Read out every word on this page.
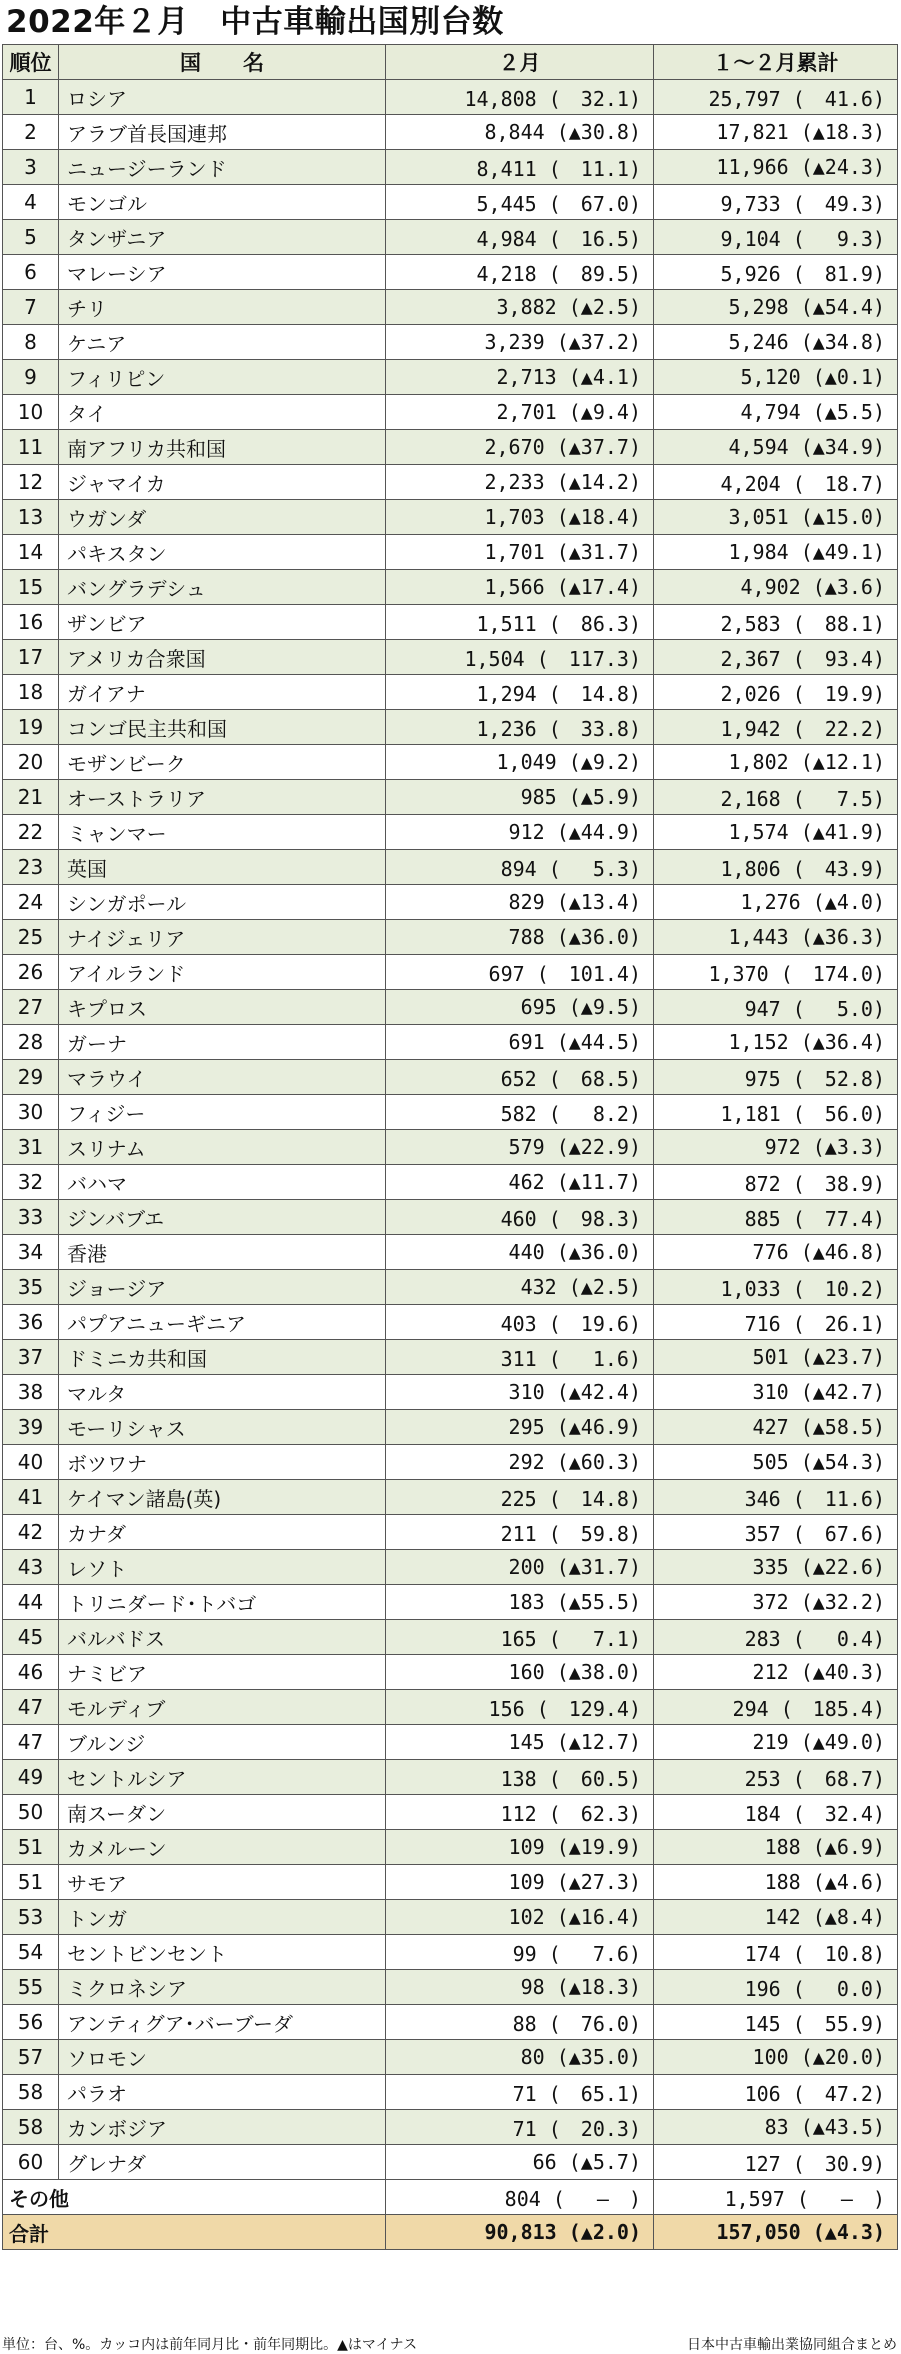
2022年２月　中古車輸出国別台数
順位	国　　名	２月	１～２月累計
1	ロシア	14,808 (　32.1)	25,797 (　41.6)
2	アラブ首長国連邦	8,844 (▲30.8)	17,821 (▲18.3)
3	ニュージーランド	8,411 (　11.1)	11,966 (▲24.3)
4	モンゴル	5,445 (　67.0)	9,733 (　49.3)
5	タンザニア	4,984 (　16.5)	9,104 (　 9.3)
6	マレーシア	4,218 (　89.5)	5,926 (　81.9)
7	チリ	3,882 (▲2.5)	5,298 (▲54.4)
8	ケニア	3,239 (▲37.2)	5,246 (▲34.8)
9	フィリピン	2,713 (▲4.1)	5,120 (▲0.1)
10	タイ	2,701 (▲9.4)	4,794 (▲5.5)
11	南アフリカ共和国	2,670 (▲37.7)	4,594 (▲34.9)
12	ジャマイカ	2,233 (▲14.2)	4,204 (　18.7)
13	ウガンダ	1,703 (▲18.4)	3,051 (▲15.0)
14	パキスタン	1,701 (▲31.7)	1,984 (▲49.1)
15	バングラデシュ	1,566 (▲17.4)	4,902 (▲3.6)
16	ザンビア	1,511 (　86.3)	2,583 (　88.1)
17	アメリカ合衆国	1,504 (　117.3)	2,367 (　93.4)
18	ガイアナ	1,294 (　14.8)	2,026 (　19.9)
19	コンゴ民主共和国	1,236 (　33.8)	1,942 (　22.2)
20	モザンビーク	1,049 (▲9.2)	1,802 (▲12.1)
21	オーストラリア	985 (▲5.9)	2,168 (　 7.5)
22	ミャンマー	912 (▲44.9)	1,574 (▲41.9)
23	英国	894 (　 5.3)	1,806 (　43.9)
24	シンガポール	829 (▲13.4)	1,276 (▲4.0)
25	ナイジェリア	788 (▲36.0)	1,443 (▲36.3)
26	アイルランド	697 (　101.4)	1,370 (　174.0)
27	キプロス	695 (▲9.5)	947 (　 5.0)
28	ガーナ	691 (▲44.5)	1,152 (▲36.4)
29	マラウイ	652 (　68.5)	975 (　52.8)
30	フィジー	582 (　 8.2)	1,181 (　56.0)
31	スリナム	579 (▲22.9)	972 (▲3.3)
32	バハマ	462 (▲11.7)	872 (　38.9)
33	ジンバブエ	460 (　98.3)	885 (　77.4)
34	香港	440 (▲36.0)	776 (▲46.8)
35	ジョージア	432 (▲2.5)	1,033 (　10.2)
36	パプアニューギニア	403 (　19.6)	716 (　26.1)
37	ドミニカ共和国	311 (　 1.6)	501 (▲23.7)
38	マルタ	310 (▲42.4)	310 (▲42.7)
39	モーリシャス	295 (▲46.9)	427 (▲58.5)
40	ボツワナ	292 (▲60.3)	505 (▲54.3)
41	ケイマン諸島(英)	225 (　14.8)	346 (　11.6)
42	カナダ	211 (　59.8)	357 (　67.6)
43	レソト	200 (▲31.7)	335 (▲22.6)
44	トリニダード･トバゴ	183 (▲55.5)	372 (▲32.2)
45	バルバドス	165 (　 7.1)	283 (　 0.4)
46	ナミビア	160 (▲38.0)	212 (▲40.3)
47	モルディブ	156 (　129.4)	294 (　185.4)
47	ブルンジ	145 (▲12.7)	219 (▲49.0)
49	セントルシア	138 (　60.5)	253 (　68.7)
50	南スーダン	112 (　62.3)	184 (　32.4)
51	カメルーン	109 (▲19.9)	188 (▲6.9)
51	サモア	109 (▲27.3)	188 (▲4.6)
53	トンガ	102 (▲16.4)	142 (▲8.4)
54	セントビンセント	99 (　 7.6)	174 (　10.8)
55	ミクロネシア	98 (▲18.3)	196 (　 0.0)
56	アンティグア･バーブーダ	88 (　76.0)	145 (　55.9)
57	ソロモン	80 (▲35.0)	100 (▲20.0)
58	パラオ	71 (　65.1)	106 (　47.2)
58	カンボジア	71 (　20.3)	83 (▲43.5)
60	グレナダ	66 (▲5.7)	127 (　30.9)
その他		804 (　 ―　)	1,597 (　 ―　)
合計		90,813 (▲2.0)	157,050 (▲4.3)
単位：台、%。カッコ内は前年同月比・前年同期比。▲はマイナス	日本中古車輸出業協同組合まとめ
